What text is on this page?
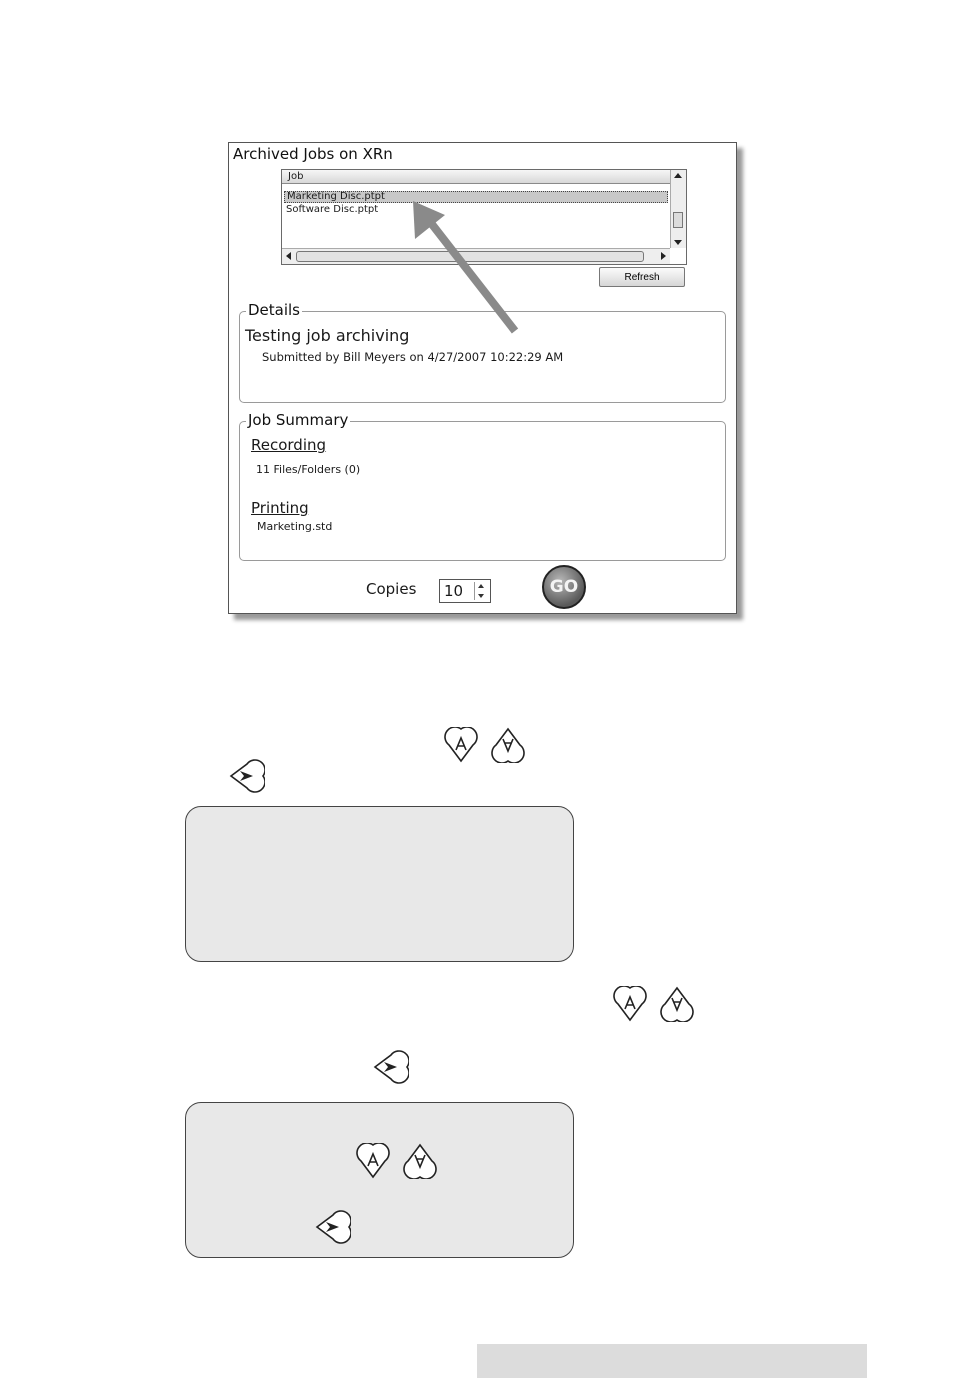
Archived Jobs on XRn
Job
Marketing Disc.ptpt
Software Disc.ptpt
Refresh
Details
Testing job archiving
Submitted by Bill Meyers on 4/27/2007 10:22:29 AM
Job Summary
Recording
11 Files/Folders (0)
Printing
Marketing.std
Copies 10	GO
